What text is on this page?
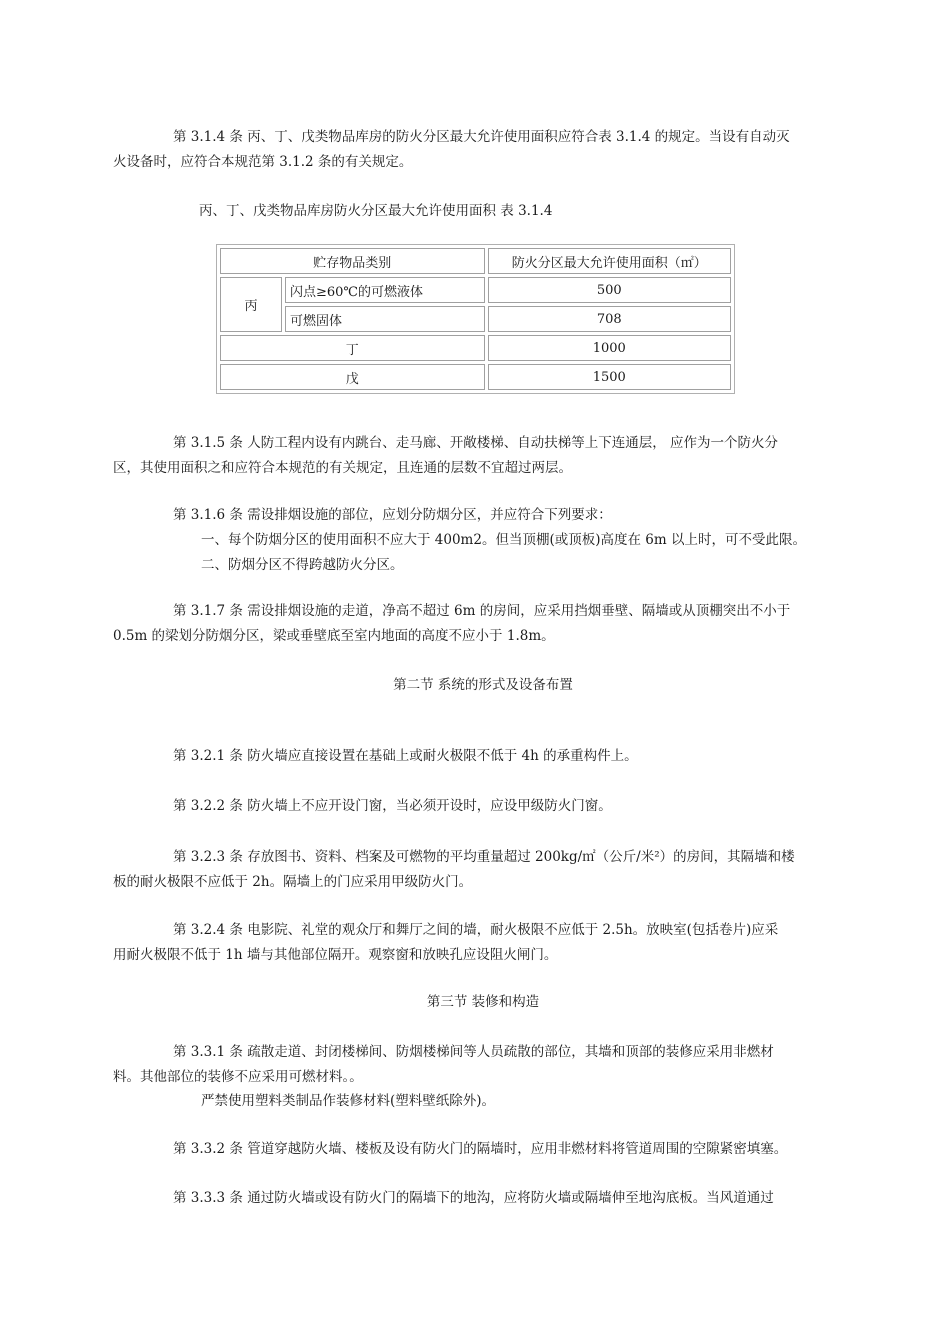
第 3.1.4 条 丙、丁、戊类物品库房的防火分区最大允许使用面积应符合表 3.1.4 的规定。当设有自动灭
火设备时，应符合本规范第 3.1.2 条的有关规定。

丙、丁、戊类物品库房防火分区最大允许使用面积 表 3.1.4
贮存物品类别		防火分区最大允许使用面积（㎡）
丙	闪点≥60℃的可燃液体	500
	可燃固体	708
丁		1000
戊		1500

第 3.1.5 条 人防工程内设有内跳台、走马廊、开敞楼梯、自动扶梯等上下连通层， 应作为一个防火分
区，其使用面积之和应符合本规范的有关规定，且连通的层数不宜超过两层。

第 3.1.6 条 需设排烟设施的部位，应划分防烟分区，并应符合下列要求：

一、每个防烟分区的使用面积不应大于 400m2。但当顶棚(或顶板)高度在 6m 以上时，可不受此限。

二、防烟分区不得跨越防火分区。

第 3.1.7 条 需设排烟设施的走道，净高不超过 6m 的房间，应采用挡烟垂壁、隔墙或从顶棚突出不小于
0.5m 的梁划分防烟分区，梁或垂壁底至室内地面的高度不应小于 1.8m。

第二节 系统的形式及设备布置

第 3.2.1 条 防火墙应直接设置在基础上或耐火极限不低于 4h 的承重构件上。

第 3.2.2 条 防火墙上不应开设门窗，当必须开设时，应设甲级防火门窗。

第 3.2.3 条 存放图书、资料、档案及可燃物的平均重量超过 200kg/㎡（公斤/米²）的房间，其隔墙和楼
板的耐火极限不应低于 2h。隔墙上的门应采用甲级防火门。

第 3.2.4 条 电影院、礼堂的观众厅和舞厅之间的墙，耐火极限不应低于 2.5h。放映室(包括卷片)应采
用耐火极限不低于 1h 墙与其他部位隔开。观察窗和放映孔应设阻火闸门。

第三节 装修和构造

第 3.3.1 条 疏散走道、封闭楼梯间、防烟楼梯间等人员疏散的部位，其墙和顶部的装修应采用非燃材
料。其他部位的装修不应采用可燃材料。。

严禁使用塑料类制品作装修材料(塑料壁纸除外)。

第 3.3.2 条 管道穿越防火墙、楼板及设有防火门的隔墙时，应用非燃材料将管道周围的空隙紧密填塞。

第 3.3.3 条 通过防火墙或设有防火门的隔墙下的地沟，应将防火墙或隔墙伸至地沟底板。当风道通过
